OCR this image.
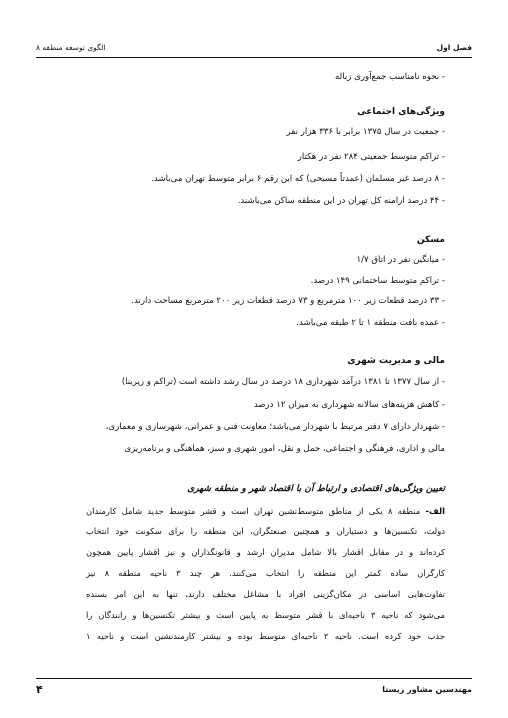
فصل اول
الگوی توسعه منطقه ۸
- نحوه نامناسب جمع‌آوری زباله
ویژگی‌های اجتماعی
- جمعیت در سال ۱۳۷۵ برابر با ۳۳۶ هزار نفر
- تراکم متوسط جمعیتی ۲۸۴ نفر در هکتار
- ۸ درصد غیر مسلمان (عمدتاً مسیحی) که این رقم ۶ برابر متوسط تهران می‌باشد.
- ۴۴ درصد ارامنه کل تهران در این منطقه ساکن می‌باشند.
مسکن
- میانگین نفر در اتاق ۱/۷
- تراکم متوسط ساختمانی ۱۴۹ درصد.
- ۳۳ درصد قطعات زیر ۱۰۰ مترمربع و ۷۳ درصد قطعات زیر ۲۰۰ مترمربع مساحت دارند.
- عمده بافت منطقه ۱ تا ۲ طبقه می‌باشد.
مالی و مدیریت شهری
- از سال ۱۳۷۷ تا ۱۳۸۱ درآمد شهرداری ۱۸ درصد در سال رشد داشته است (تراکم و زیربنا)
- کاهش هزینه‌های سالانه شهرداری به میزان ۱۲ درصد
- شهردار دارای ۷ دفتر مرتبط با شهردار می‌باشد؛ معاونت فنی و عمرانی، شهرسازی و معماری،
مالی و اداری، فرهنگی و اجتماعی، حمل و نقل، امور شهری و سبز، هماهنگی و برنامه‌ریزی
تعیین ویژگی‌های اقتصادی و ارتباط آن با اقتصاد شهر و منطقه شهری
الف- منطقه ۸ یکی از مناطق متوسط‌نشین تهران است و قشر متوسط جدید شامل کارمندان
دولت، تکنسین‌ها و دستیاران و همچنین صنعتگران، این منطقه را برای سکونت خود انتخاب
کرده‌اند و در مقابل اقشار بالا شامل مدیران ارشد و قانونگذاران و نیز اقشار پایین همچون
کارگران ساده کمتر این منطقه را انتخاب می‌کنند. هر چند ۳ ناحیه منطقه ۸ نیز
تفاوت‌هایی اساسی در مکان‌گزینی افراد با مشاغل مختلف دارند، تنها به این امر بسنده
می‌شود که ناحیه ۳ ناحیه‌ای با قشر متوسط به پایین است و بیشتر تکنسین‌ها و رانندگان را
جذب خود کرده است. ناحیه ۲ ناحیه‌ای متوسط بوده و بیشتر کارمندنشین است و ناحیه ۱
مهندسین مشاور زیستا
۴
